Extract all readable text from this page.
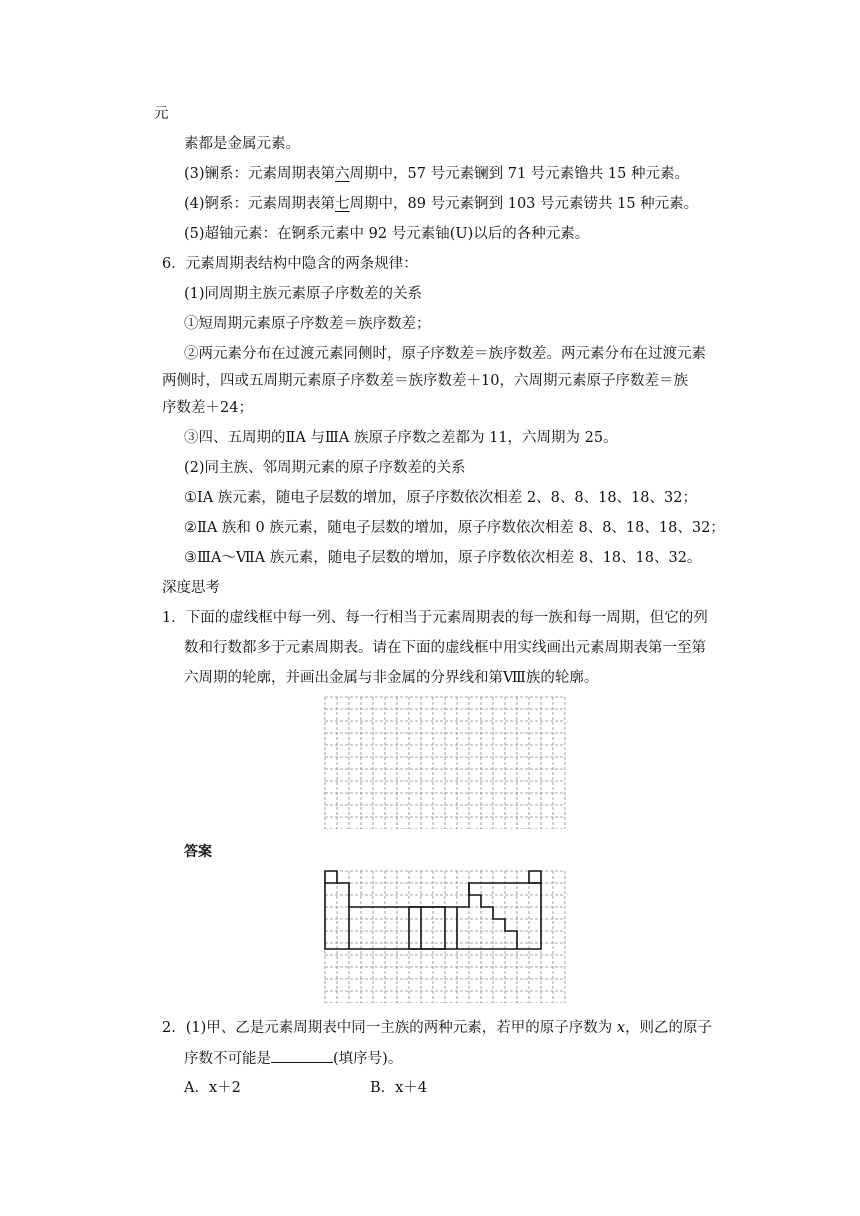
元
素都是金属元素。
(3)镧系：元素周期表第六周期中，57 号元素镧到 71 号元素镥共 15 种元素。
(4)锕系：元素周期表第七周期中，89 号元素锕到 103 号元素铹共 15 种元素。
(5)超铀元素：在锕系元素中 92 号元素铀(U)以后的各种元素。
6．元素周期表结构中隐含的两条规律：
(1)同周期主族元素原子序数差的关系
①短周期元素原子序数差＝族序数差；
②两元素分布在过渡元素同侧时，原子序数差＝族序数差。两元素分布在过渡元素
两侧时，四或五周期元素原子序数差＝族序数差＋10，六周期元素原子序数差＝族
序数差＋24；
③四、五周期的ⅡA 与ⅢA 族原子序数之差都为 11，六周期为 25。
(2)同主族、邻周期元素的原子序数差的关系
①ⅠA 族元素，随电子层数的增加，原子序数依次相差 2、8、8、18、18、32；
②ⅡA 族和 0 族元素，随电子层数的增加，原子序数依次相差 8、8、18、18、32；
③ⅢA～ⅦA 族元素，随电子层数的增加，原子序数依次相差 8、18、18、32。
深度思考
1．下面的虚线框中每一列、每一行相当于元素周期表的每一族和每一周期，但它的列
数和行数都多于元素周期表。请在下面的虚线框中用实线画出元素周期表第一至第
六周期的轮廓，并画出金属与非金属的分界线和第Ⅷ族的轮廓。
答案
2．(1)甲、乙是元素周期表中同一主族的两种元素，若甲的原子序数为 x，则乙的原子
序数不可能是	(填序号)。
A．x＋2	B．x＋4
